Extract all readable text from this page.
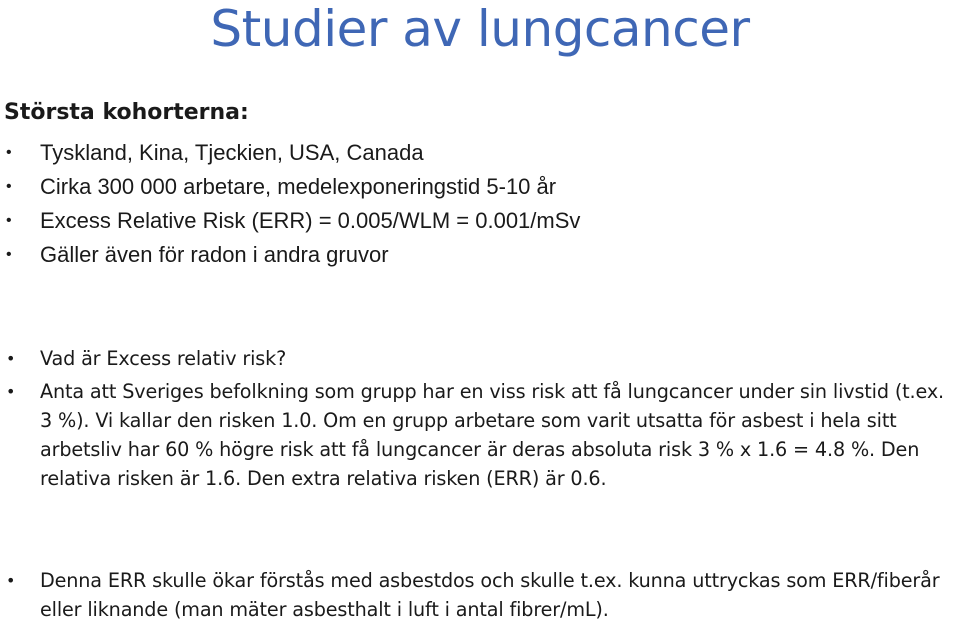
Studier av lungcancer
Största kohorterna:
• Tyskland, Kina, Tjeckien, USA, Canada
• Cirka 300 000 arbetare, medelexponeringstid 5-10 år
• Excess Relative Risk (ERR) = 0.005/WLM = 0.001/mSv
• Gäller även för radon i andra gruvor
• Vad är Excess relativ risk?
• Anta att Sveriges befolkning som grupp har en viss risk att få lungcancer under sin livstid (t.ex. 3 %). Vi kallar den risken 1.0. Om en grupp arbetare som varit utsatta för asbest i hela sitt arbetsliv har 60 % högre risk att få lungcancer är deras absoluta risk 3 % x 1.6 = 4.8 %. Den relativa risken är 1.6. Den extra relativa risken (ERR) är 0.6.
• Denna ERR skulle ökar förstås med asbestdos och skulle t.ex. kunna uttryckas som ERR/fiberår eller liknande (man mäter asbesthalt i luft i antal fibrer/mL).
